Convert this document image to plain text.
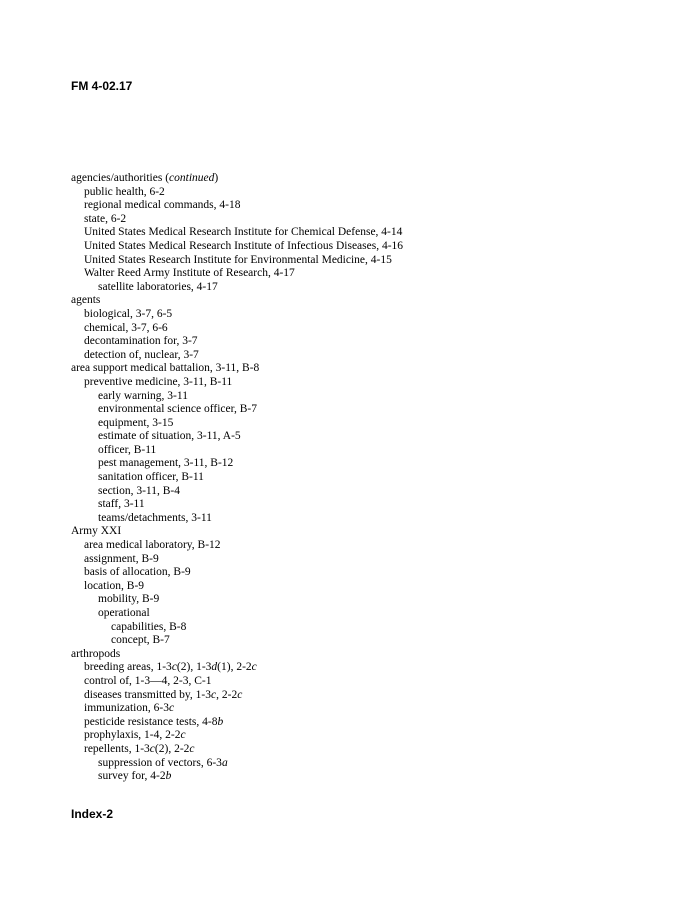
FM 4-02.17
agencies/authorities (continued)
public health, 6-2
regional medical commands, 4-18
state, 6-2
United States Medical Research Institute for Chemical Defense, 4-14
United States Medical Research Institute of Infectious Diseases, 4-16
United States Research Institute for Environmental Medicine, 4-15
Walter Reed Army Institute of Research, 4-17
satellite laboratories, 4-17
agents
biological, 3-7, 6-5
chemical, 3-7, 6-6
decontamination for, 3-7
detection of, nuclear, 3-7
area support medical battalion, 3-11, B-8
preventive medicine, 3-11, B-11
early warning, 3-11
environmental science officer, B-7
equipment, 3-15
estimate of situation, 3-11, A-5
officer, B-11
pest management, 3-11, B-12
sanitation officer, B-11
section, 3-11, B-4
staff, 3-11
teams/detachments, 3-11
Army XXI
area medical laboratory, B-12
assignment, B-9
basis of allocation, B-9
location, B-9
mobility, B-9
operational
capabilities, B-8
concept, B-7
arthropods
breeding areas, 1-3c(2), 1-3d(1), 2-2c
control of, 1-3—4, 2-3, C-1
diseases transmitted by, 1-3c, 2-2c
immunization, 6-3c
pesticide resistance tests, 4-8b
prophylaxis, 1-4, 2-2c
repellents, 1-3c(2), 2-2c
suppression of vectors, 6-3a
survey for, 4-2b
Index-2
